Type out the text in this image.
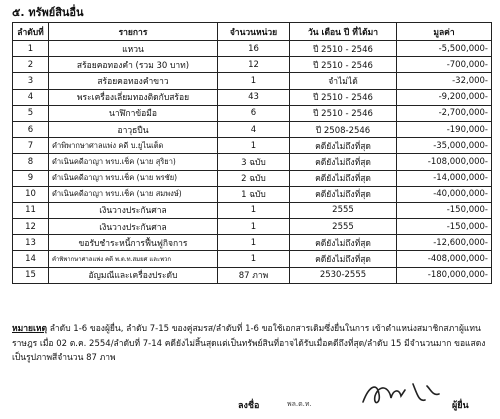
๕. ทรัพย์สินอื่น
ลำดับที่	รายการ	จำนวนหน่วย	วัน เดือน ปี ที่ได้มา	มูลค่า
1	แหวน	16	ปี 2510 - 2546	-5,500,000-
2	สร้อยคอทองคำ (รวม 30 บาท)	12	ปี 2510 - 2546	-700,000-
3	สร้อยคอทองคำขาว	1	จำไม่ได้	-32,000-
4	พระเครื่องเลี่ยมทองติดกับสร้อย	43	ปี 2510 - 2546	-9,200,000-
5	นาฬิกาข้อมือ	6	ปี 2510 - 2546	-2,700,000-
6	อาวุธปืน	4	ปี 2508-2546	-190,000-
7	คำพิพากษาศาลแพ่ง คดี บ.ยูไนเต็ด	1	คดียังไม่ถึงที่สุด	-35,000,000-
8	ดำเนินคดีอาญา พรบ.เช็ค (นาย สุริยา)	3 ฉบับ	คดียังไม่ถึงที่สุด	-108,000,000-
9	ดำเนินคดีอาญา พรบ.เช็ค (นาย พรชัย)	2 ฉบับ	คดียังไม่ถึงที่สุด	-14,000,000-
10	ดำเนินคดีอาญา พรบ.เช็ค (นาย สมพงษ์)	1 ฉบับ	คดียังไม่ถึงที่สุด	-40,000,000-
11	เงินวางประกันศาล	1	2555	-150,000-
12	เงินวางประกันศาล	1	2555	-150,000-
13	ขอรับชำระหนี้การฟื้นฟูกิจการ	1	คดียังไม่ถึงที่สุด	-12,600,000-
14	คำพิพากษาศาลแพ่ง คดี พ.ต.ท.สมยศ และพวก	1	คดียังไม่ถึงที่สุด	-408,000,000-
15	อัญมณีและเครื่องประดับ	87 ภาพ	2530-2555	-180,000,000-
หมายเหตุ ลำดับ 1-6 ของผู้ยื่น, ลำดับ 7-15 ของคู่สมรส/ลำดับที่ 1-6 ขอใช้เอกสารเดิมซึ่งยื่นในการ เข้าตำแหน่งสมาชิกสภาผู้แทนราษฎร เมื่อ 02 ต.ค. 2554/ลำดับที่ 7-14 คดียังไม่สิ้นสุดแต่เป็นทรัพย์สินที่อาจได้รับเมื่อคดีถึงที่สุด/ลำดับ 15 มีจำนวนมาก ขอแสดงเป็นรูปภาพสีจำนวน 87 ภาพ
ลงชื่อ	พล.ต.ท.	ผู้ยื่น
